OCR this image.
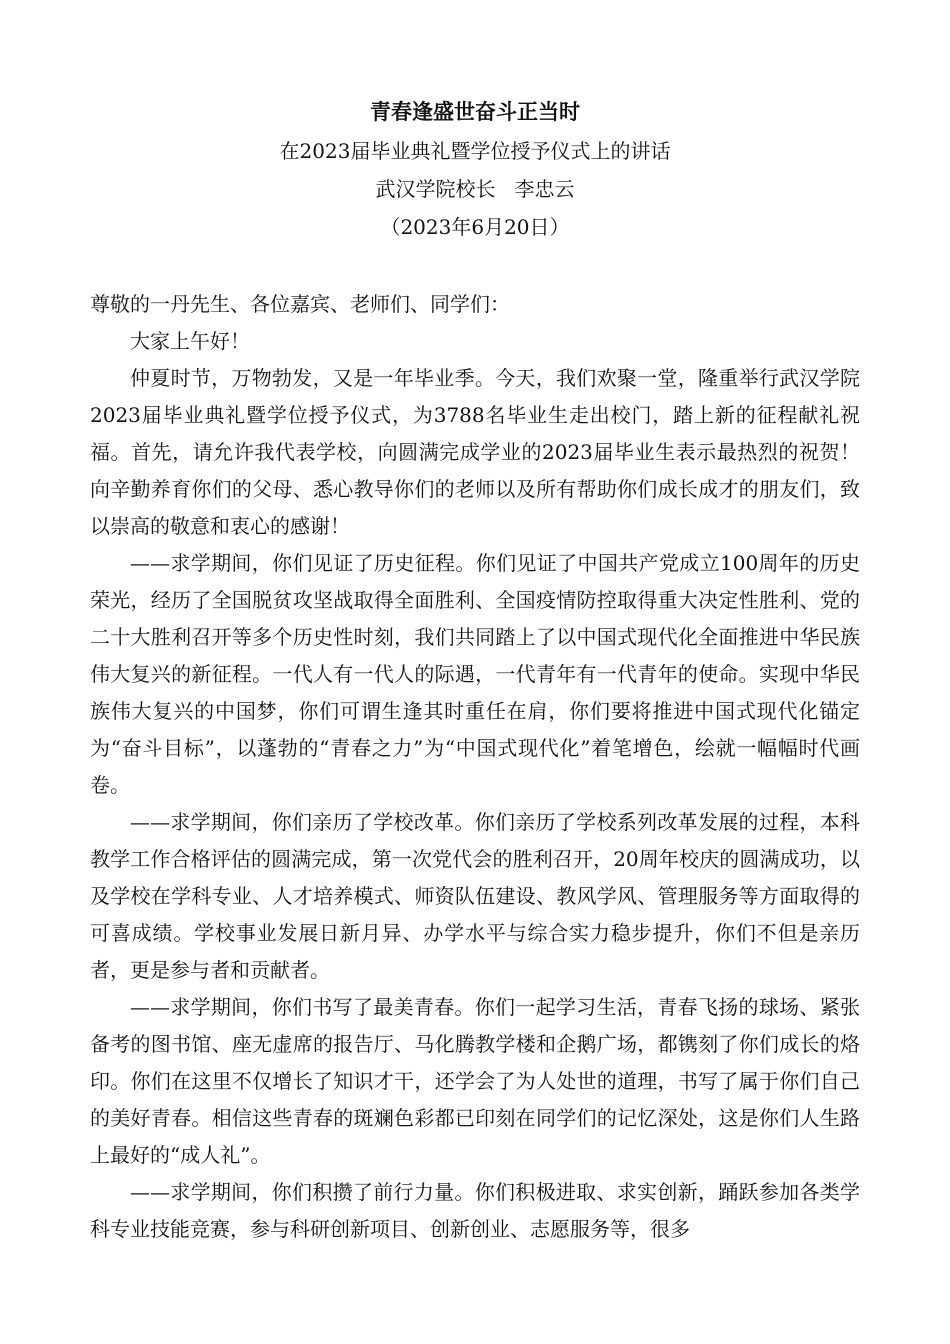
青春逢盛世奋斗正当时

在2023届毕业典礼暨学位授予仪式上的讲话

武汉学院校长   李忠云

（2023年6月20日）

尊敬的一丹先生、各位嘉宾、老师们、同学们：

大家上午好！

仲夏时节，万物勃发，又是一年毕业季。今天，我们欢聚一堂，隆重举行武汉学院2023届毕业典礼暨学位授予仪式，为3788名毕业生走出校门，踏上新的征程献礼祝福。首先，请允许我代表学校，向圆满完成学业的2023届毕业生表示最热烈的祝贺！向辛勤养育你们的父母、悉心教导你们的老师以及所有帮助你们成长成才的朋友们，致以崇高的敬意和衷心的感谢！

——求学期间，你们见证了历史征程。你们见证了中国共产党成立100周年的历史荣光，经历了全国脱贫攻坚战取得全面胜利、全国疫情防控取得重大决定性胜利、党的二十大胜利召开等多个历史性时刻，我们共同踏上了以中国式现代化全面推进中华民族伟大复兴的新征程。一代人有一代人的际遇，一代青年有一代青年的使命。实现中华民族伟大复兴的中国梦，你们可谓生逢其时重任在肩，你们要将推进中国式现代化锚定为“奋斗目标”，以蓬勃的“青春之力”为“中国式现代化”着笔增色，绘就一幅幅时代画卷。

——求学期间，你们亲历了学校改革。你们亲历了学校系列改革发展的过程，本科教学工作合格评估的圆满完成，第一次党代会的胜利召开，20周年校庆的圆满成功，以及学校在学科专业、人才培养模式、师资队伍建设、教风学风、管理服务等方面取得的可喜成绩。学校事业发展日新月异、办学水平与综合实力稳步提升，你们不但是亲历者，更是参与者和贡献者。

——求学期间，你们书写了最美青春。你们一起学习生活，青春飞扬的球场、紧张备考的图书馆、座无虚席的报告厅、马化腾教学楼和企鹅广场，都镌刻了你们成长的烙印。你们在这里不仅增长了知识才干，还学会了为人处世的道理，书写了属于你们自己的美好青春。相信这些青春的斑斓色彩都已印刻在同学们的记忆深处，这是你们人生路上最好的“成人礼”。

——求学期间，你们积攒了前行力量。你们积极进取、求实创新，踊跃参加各类学科专业技能竞赛，参与科研创新项目、创新创业、志愿服务等，很多
